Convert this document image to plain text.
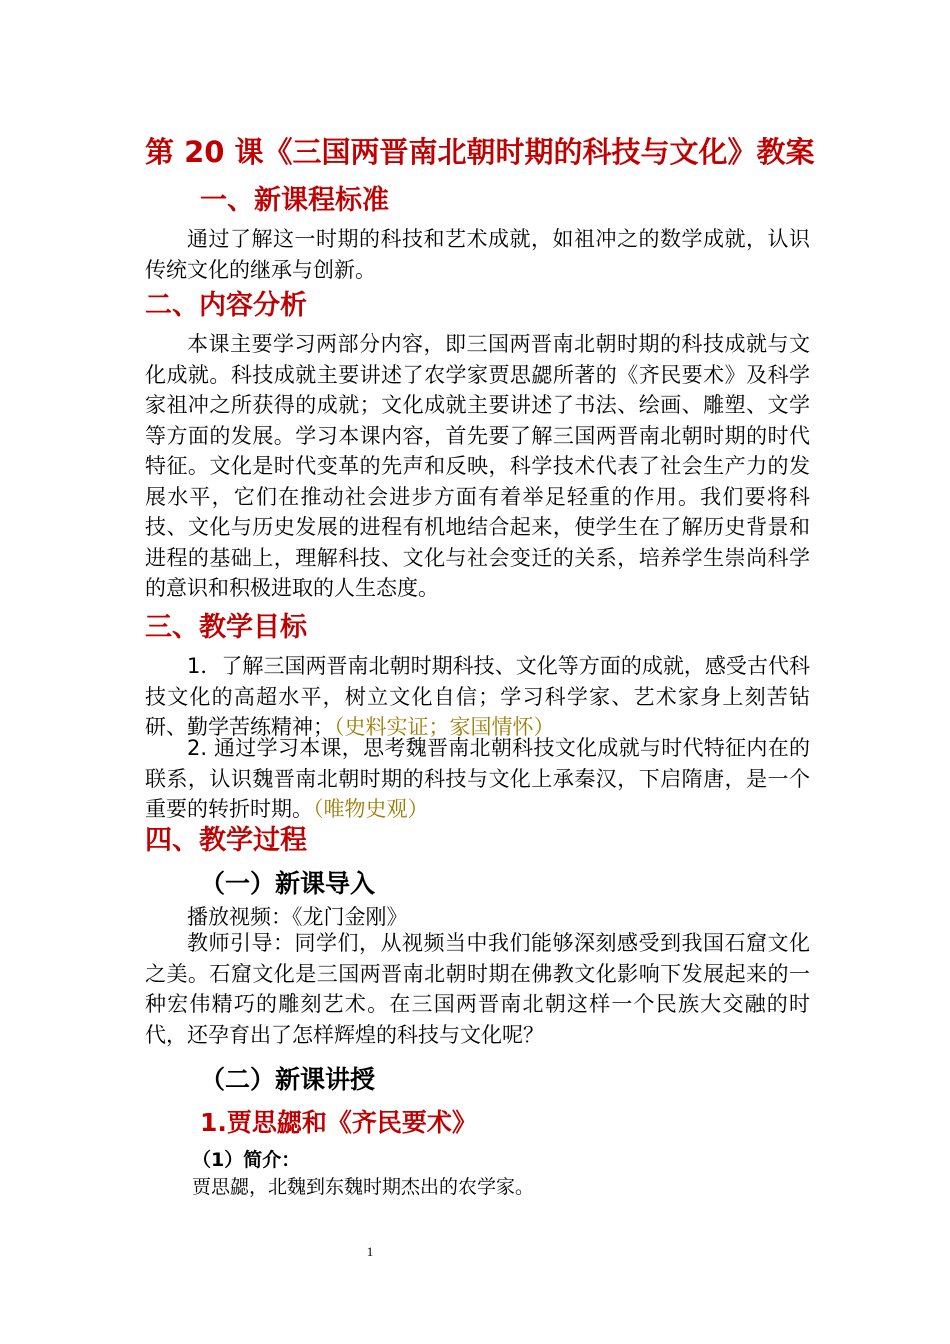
第 20 课《三国两晋南北朝时期的科技与文化》教案
一、新课程标准

通过了解这一时期的科技和艺术成就，如祖冲之的数学成就，认识传统文化的继承与创新。

二、内容分析

本课主要学习两部分内容，即三国两晋南北朝时期的科技成就与文化成就。科技成就主要讲述了农学家贾思勰所著的《齐民要术》及科学家祖冲之所获得的成就；文化成就主要讲述了书法、绘画、雕塑、文学等方面的发展。学习本课内容，首先要了解三国两晋南北朝时期的时代特征。文化是时代变革的先声和反映，科学技术代表了社会生产力的发展水平，它们在推动社会进步方面有着举足轻重的作用。我们要将科技、文化与历史发展的进程有机地结合起来，使学生在了解历史背景和进程的基础上，理解科技、文化与社会变迁的关系，培养学生崇尚科学的意识和积极进取的人生态度。

三、教学目标

1．了解三国两晋南北朝时期科技、文化等方面的成就，感受古代科技文化的高超水平，树立文化自信；学习科学家、艺术家身上刻苦钻研、勤学苦练精神；（史料实证；家国情怀）

2. 通过学习本课，思考魏晋南北朝科技文化成就与时代特征内在的联系，认识魏晋南北朝时期的科技与文化上承秦汉，下启隋唐，是一个重要的转折时期。（唯物史观）

四、教学过程
（一）新课导入

播放视频：《龙门金刚》

教师引导：同学们，从视频当中我们能够深刻感受到我国石窟文化之美。石窟文化是三国两晋南北朝时期在佛教文化影响下发展起来的一种宏伟精巧的雕刻艺术。在三国两晋南北朝这样一个民族大交融的时代，还孕育出了怎样辉煌的科技与文化呢？

（二）新课讲授
1.贾思勰和《齐民要术》
（1）简介：
贾思勰，北魏到东魏时期杰出的农学家。
1
